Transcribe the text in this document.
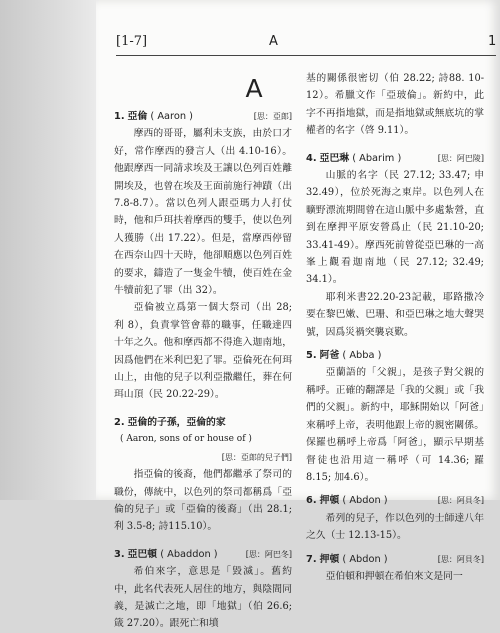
[1-7]	A	1
A
1. 亞倫 ( Aaron )	[思：亞郎]
摩西的哥哥，屬利未支族，由於口才好，常作摩西的發言人（出 4.10-16）。他跟摩西一同請求埃及王讓以色列百姓離開埃及，也曾在埃及王面前施行神蹟（出 7.8-8.7）。當以色列人跟亞瑪力人打仗時，他和戶珥扶着摩西的雙手，使以色列人獲勝（出 17.22）。但是，當摩西停留在西奈山四十天時，他卻順應以色列百姓的要求，鑄造了一隻金牛犢，使百姓在金牛犢前犯了罪（出 32）。
亞倫被立爲第一個大祭司（出 28; 利 8），負責掌管會幕的職事，任職達四十年之久。他和摩西都不得進入迦南地，因爲他們在米利巴犯了罪。亞倫死在何珥山上，由他的兒子以利亞撒繼任，葬在何珥山頂（民 20.22-29）。
2. 亞倫的子孫，亞倫的家
( Aaron, sons of or house of )
[思：亞郎的兒子們]
指亞倫的後裔，他們都繼承了祭司的職份，傳統中，以色列的祭司都稱爲「亞倫的兒子」或「亞倫的後裔」（出 28.1; 利 3.5-8; 詩115.10）。
3. 亞巴頓 ( Abaddon )	[思：阿巴冬]
希伯來字，意思是「毀滅」。舊約中，此名代表死人居住的地方，與陰間同義，是滅亡之地，即「地獄」（伯 26.6; 箴 27.20）。跟死亡和墳
基的關係很密切（伯 28.22; 詩88. 10-12）。希臘文作「亞玻倫」。新約中，此字不再指地獄，而是指地獄或無底坑的掌權者的名字（啓 9.11）。
4. 亞巴琳 ( Abarim )	[思：阿巴陵]
山脈的名字（民 27.12; 33.47; 申32.49），位於死海之東岸。以色列人在曠野漂流期間曾在這山脈中多處紮營，直到在摩押平原安營爲止（民 21.10-20; 33.41-49）。摩西死前曾從亞巴琳的一高峯上觀看迦南地（民 27.12; 32.49; 34.1）。
耶利米書22.20-23記載，耶路撒冷要在黎巴嫩、巴珊、和亞巴琳之地大聲哭號，因爲災禍突襲哀歎。
5. 阿爸 ( Abba )
亞蘭語的「父親」，是孩子對父親的稱呼。正確的翻譯是「我的父親」或「我們的父親」。新約中，耶穌開始以「阿爸」來稱呼上帝，表明他跟上帝的親密關係。保羅也稱呼上帝爲「阿爸」，顯示早期基督徒也沿用這一稱呼（可 14.36; 羅8.15; 加4.6）。
6. 押頓 ( Abdon )	[思：阿貝冬]
希列的兒子，作以色列的士師達八年之久（士 12.13-15）。
7. 押頓 ( Abdon )	[思：阿貝冬]
亞伯頓和押頓在希伯來文是同一
